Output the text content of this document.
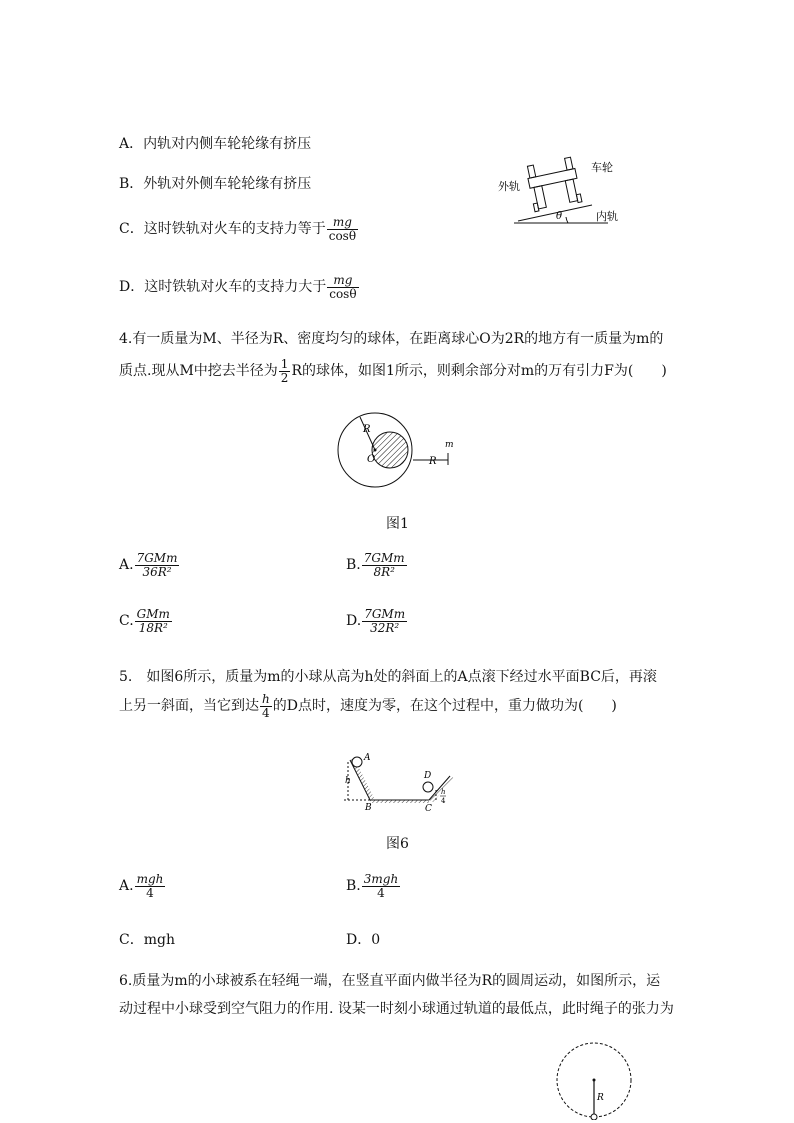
A．内轨对内侧车轮轮缘有挤压
B．外轨对外侧车轮轮缘有挤压
C．这时铁轨对火车的支持力等于 $\frac{mg}{\cos\theta}$
D．这时铁轨对火车的支持力大于 $\frac{mg}{\cos\theta}$
外轨
车轮
内轨
θ
4.有一质量为M、半径为R、密度均匀的球体，在距离球心O为2R的地方有一质量为m的
质点.现从M中挖去半径为 $\frac{1}{2}$ R的球体，如图1所示，则剩余部分对m的万有引力F为(　　)
R
O	R
m
图1
A. $\frac{\text{7GMm}}{\text{36R²}}$	B. $\frac{\text{7GMm}}{\text{8R²}}$
C. $\frac{\text{GMm}}{\text{18R²}}$	D. $\frac{\text{7GMm}}{\text{32R²}}$
5.　如图6所示，质量为m的小球从高为h处的斜面上的A点滚下经过水平面BC后，再滚
上另一斜面，当它到达 $\frac{h}{4}$ 的D点时，速度为零，在这个过程中，重力做功为(　　)
A
h
B	C
D
h
4
图6
A. $\frac{\text{mgh}}{4}$	B. $\frac{\text{3mgh}}{4}$
C．mgh	D．0
6.质量为m的小球被系在轻绳一端，在竖直平面内做半径为R的圆周运动，如图所示，运
动过程中小球受到空气阻力的作用. 设某一时刻小球通过轨道的最低点，此时绳子的张力为
R
